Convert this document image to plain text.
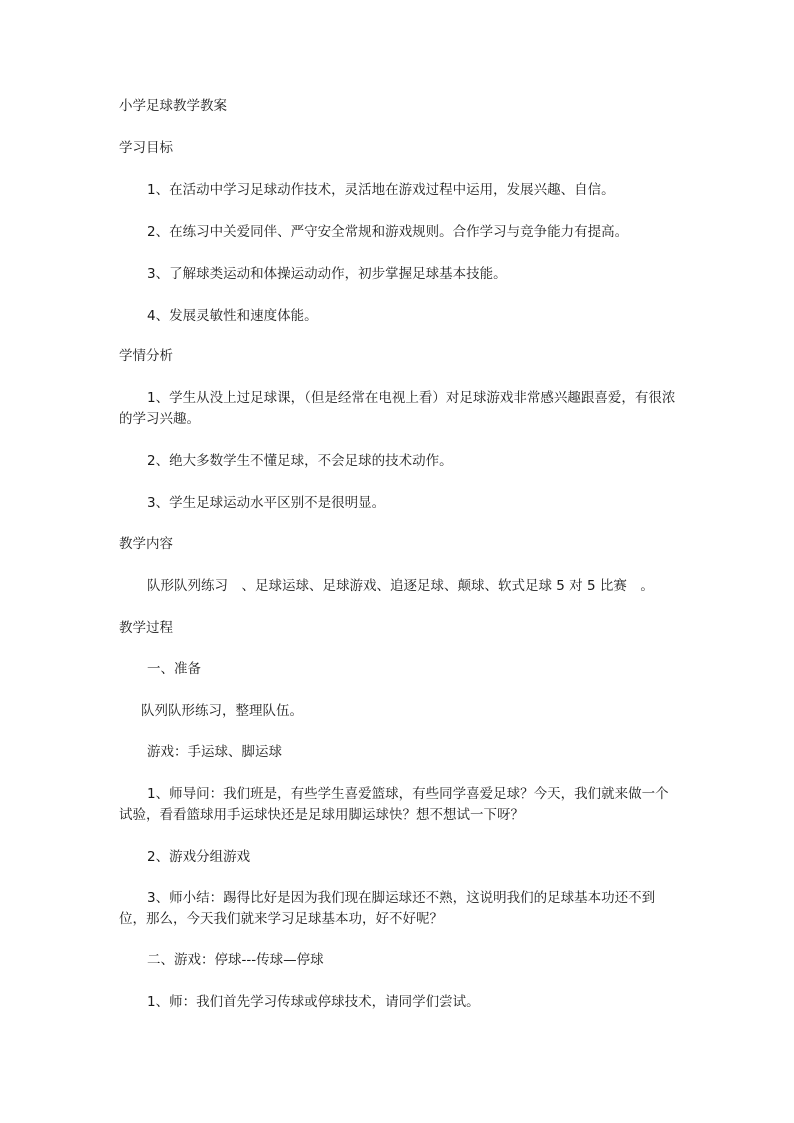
小学足球教学教案
学习目标
1、在活动中学习足球动作技术，灵活地在游戏过程中运用，发展兴趣、自信。
2、在练习中关爱同伴、严守安全常规和游戏规则。合作学习与竞争能力有提高。
3、了解球类运动和体操运动动作，初步掌握足球基本技能。
4、发展灵敏性和速度体能。
学情分析
1、学生从没上过足球课，（但是经常在电视上看）对足球游戏非常感兴趣跟喜爱，有很浓的学习兴趣。
2、绝大多数学生不懂足球，不会足球的技术动作。
3、学生足球运动水平区别不是很明显。
教学内容
队形队列练习　、足球运球、足球游戏、追逐足球、颠球、软式足球 5 对 5 比赛　。
教学过程
一、准备
队列队形练习，整理队伍。
游戏：手运球、脚运球
1、师导问：我们班是，有些学生喜爱篮球，有些同学喜爱足球？今天，我们就来做一个试验，看看篮球用手运球快还是足球用脚运球快？想不想试一下呀？
2、游戏分组游戏
3、师小结：踢得比好是因为我们现在脚运球还不熟，这说明我们的足球基本功还不到位，那么，今天我们就来学习足球基本功，好不好呢？
二、游戏：停球---传球—停球
1、师：我们首先学习传球或停球技术，请同学们尝试。
